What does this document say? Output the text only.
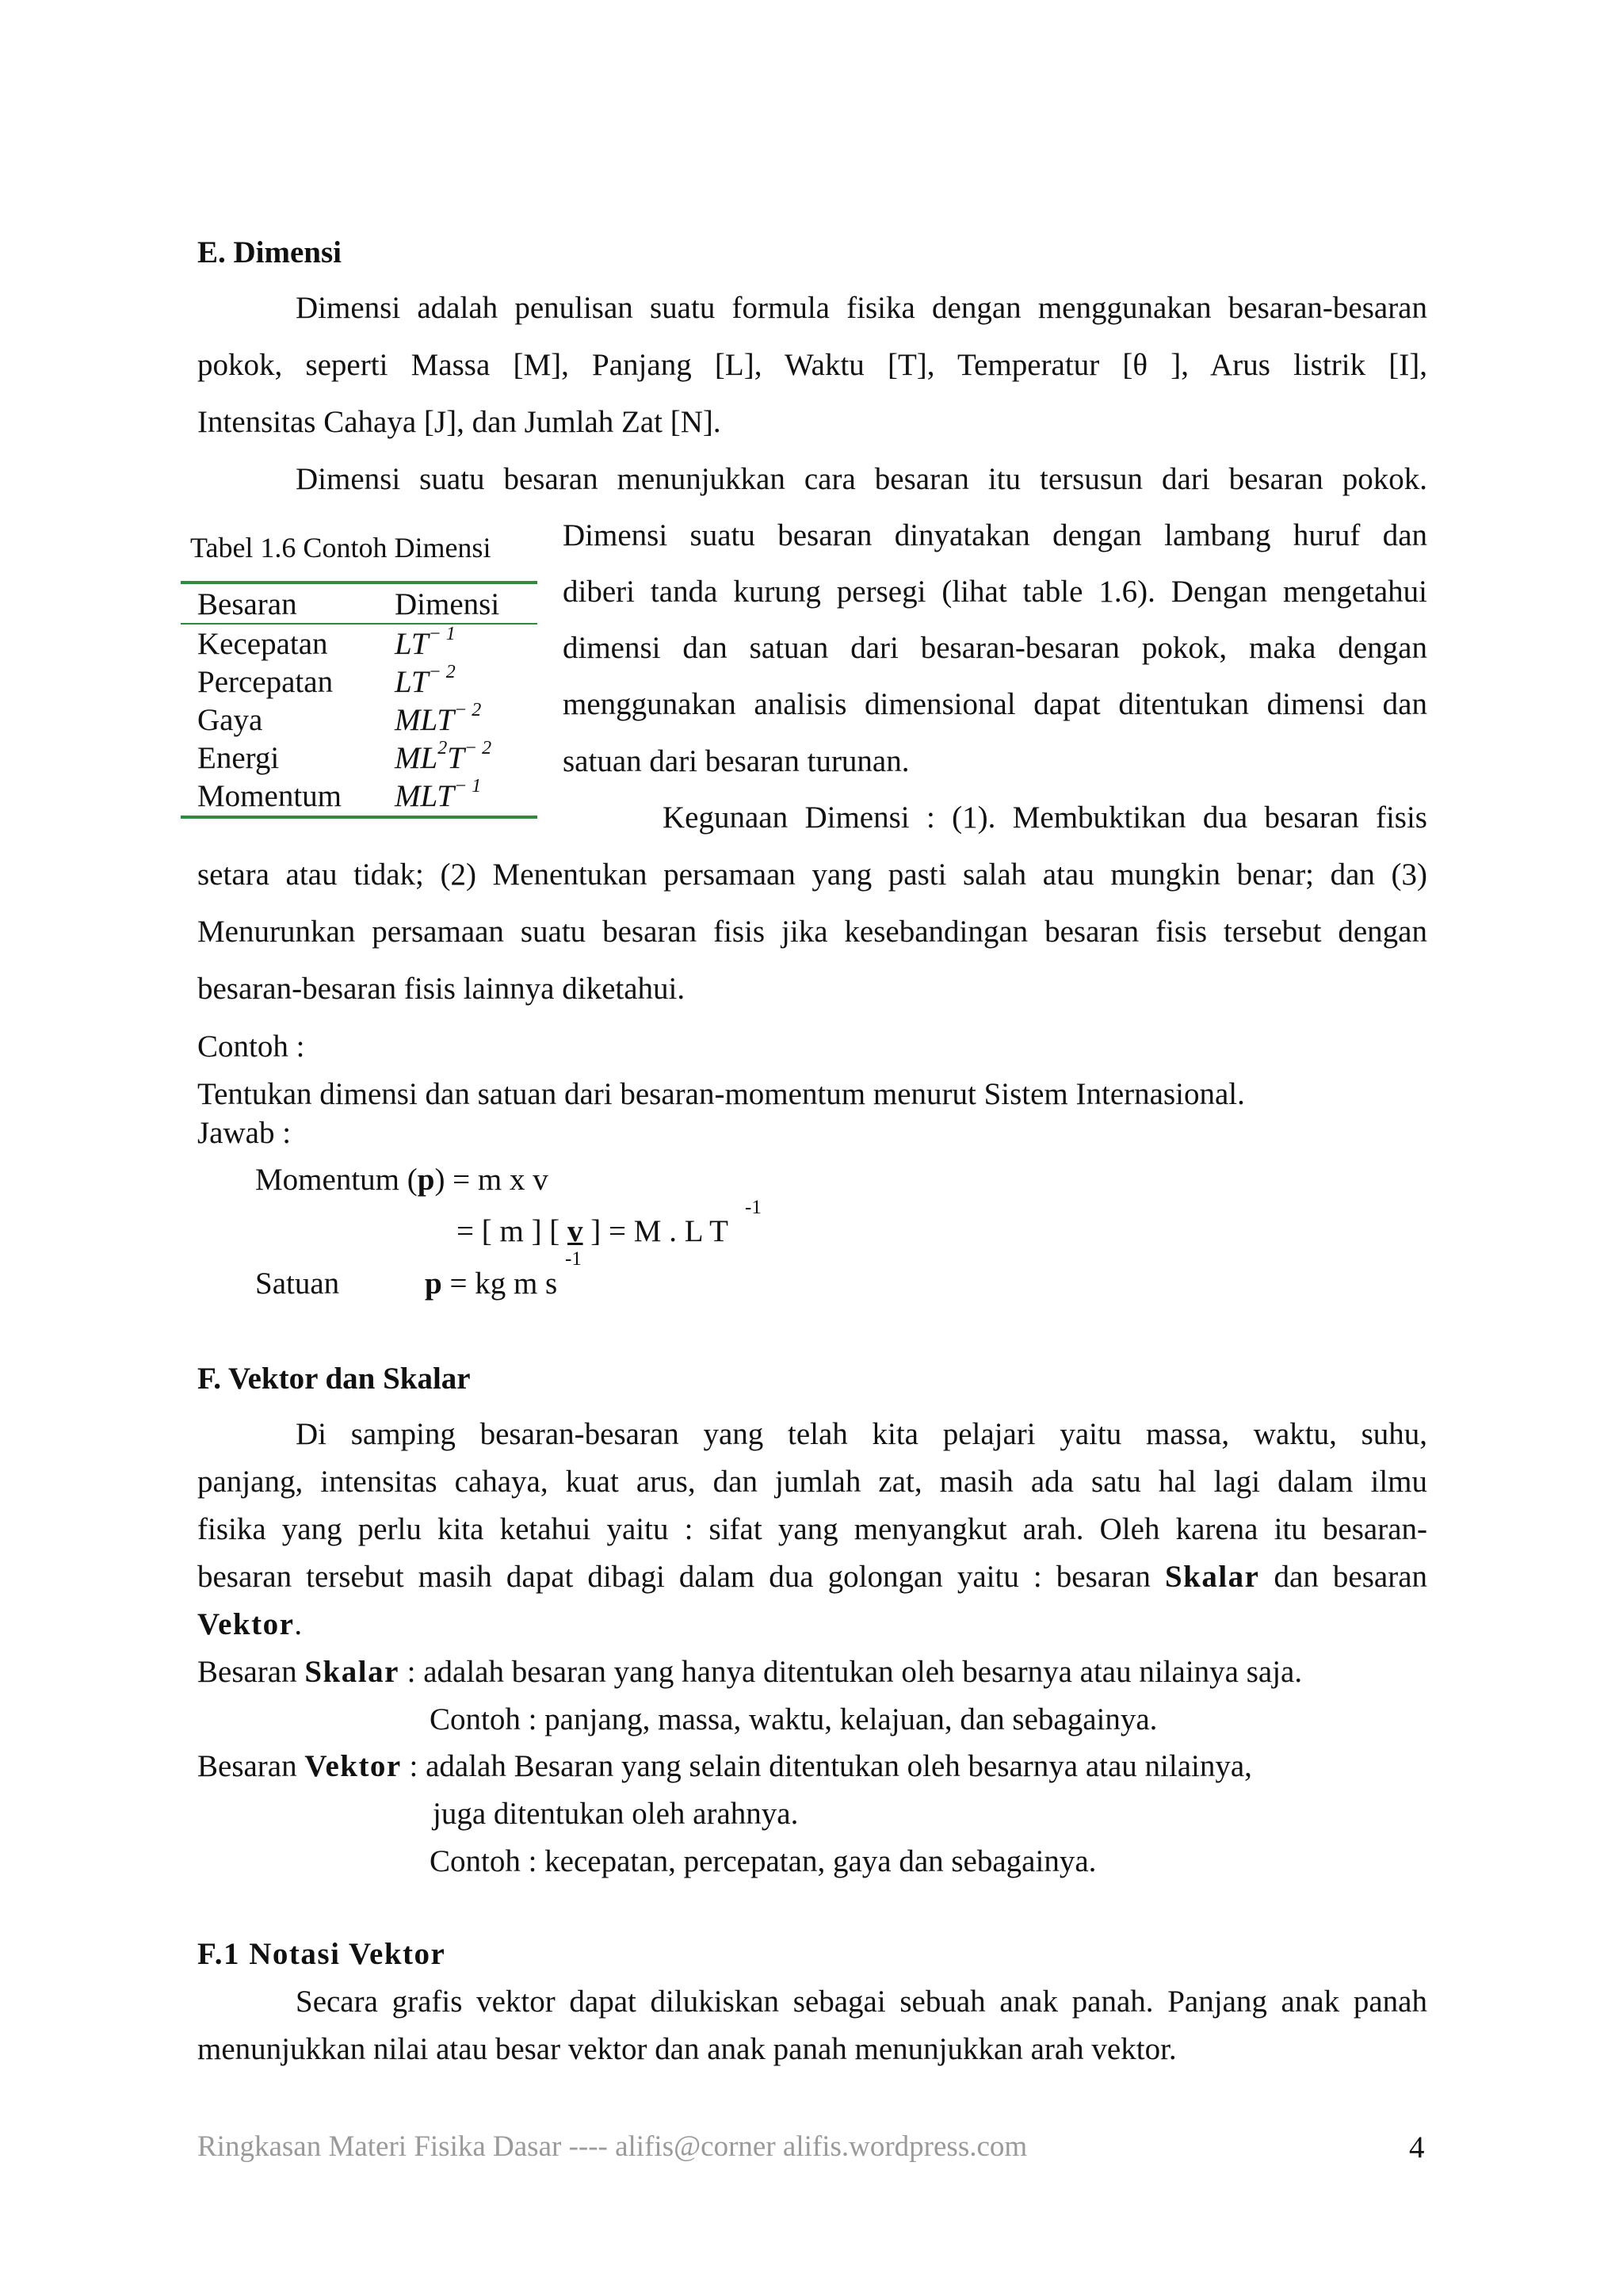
E. Dimensi
Dimensi adalah penulisan suatu formula fisika dengan menggunakan besaran-besaran
pokok, seperti Massa [M], Panjang [L], Waktu [T], Temperatur [θ ], Arus listrik [I],
Intensitas Cahaya [J], dan Jumlah Zat [N].
Dimensi suatu besaran menunjukkan cara besaran itu tersusun dari besaran pokok.
Dimensi suatu besaran dinyatakan dengan lambang huruf dan
diberi tanda kurung persegi (lihat table 1.6). Dengan mengetahui
dimensi dan satuan dari besaran-besaran pokok, maka dengan
menggunakan analisis dimensional dapat ditentukan dimensi dan
satuan dari besaran turunan.
Kegunaan Dimensi : (1). Membuktikan dua besaran fisis
setara atau tidak; (2) Menentukan persamaan yang pasti salah atau mungkin benar; dan (3)
Menurunkan persamaan suatu besaran fisis jika kesebandingan besaran fisis tersebut dengan
besaran-besaran fisis lainnya diketahui.
Tabel 1.6 Contoh Dimensi
Besaran	Dimensi
Kecepatan $LT^{- 1}$
Percepatan $LT^{- 2}$
Gaya	$MLT^{- 2}$
Energi	$ML^2T^{- 2}$
Momentum $MLT^{- 1}$
Contoh :
Tentukan dimensi dan satuan dari besaran-momentum menurut Sistem Internasional.
Jawab :
Momentum (p) = m x v
= [ m ] [ v ] = M . L T
-1
Satuan	p = kg m s
-1
F. Vektor dan Skalar
Di samping besaran-besaran yang telah kita pelajari yaitu massa, waktu, suhu,
panjang, intensitas cahaya, kuat arus, dan jumlah zat, masih ada satu hal lagi dalam ilmu
fisika yang perlu kita ketahui yaitu : sifat yang menyangkut arah. Oleh karena itu besaran-
besaran tersebut masih dapat dibagi dalam dua golongan yaitu : besaran Skalar dan besaran
Vektor.
Besaran Skalar : adalah besaran yang hanya ditentukan oleh besarnya atau nilainya saja.
Contoh : panjang, massa, waktu, kelajuan, dan sebagainya.
Besaran Vektor : adalah Besaran yang selain ditentukan oleh besarnya atau nilainya,
juga ditentukan oleh arahnya.
Contoh : kecepatan, percepatan, gaya dan sebagainya.
F.1 Notasi Vektor
Secara grafis vektor dapat dilukiskan sebagai sebuah anak panah. Panjang anak panah
menunjukkan nilai atau besar vektor dan anak panah menunjukkan arah vektor.
Ringkasan Materi Fisika Dasar ---- alifis@corner alifis.wordpress.com	4
